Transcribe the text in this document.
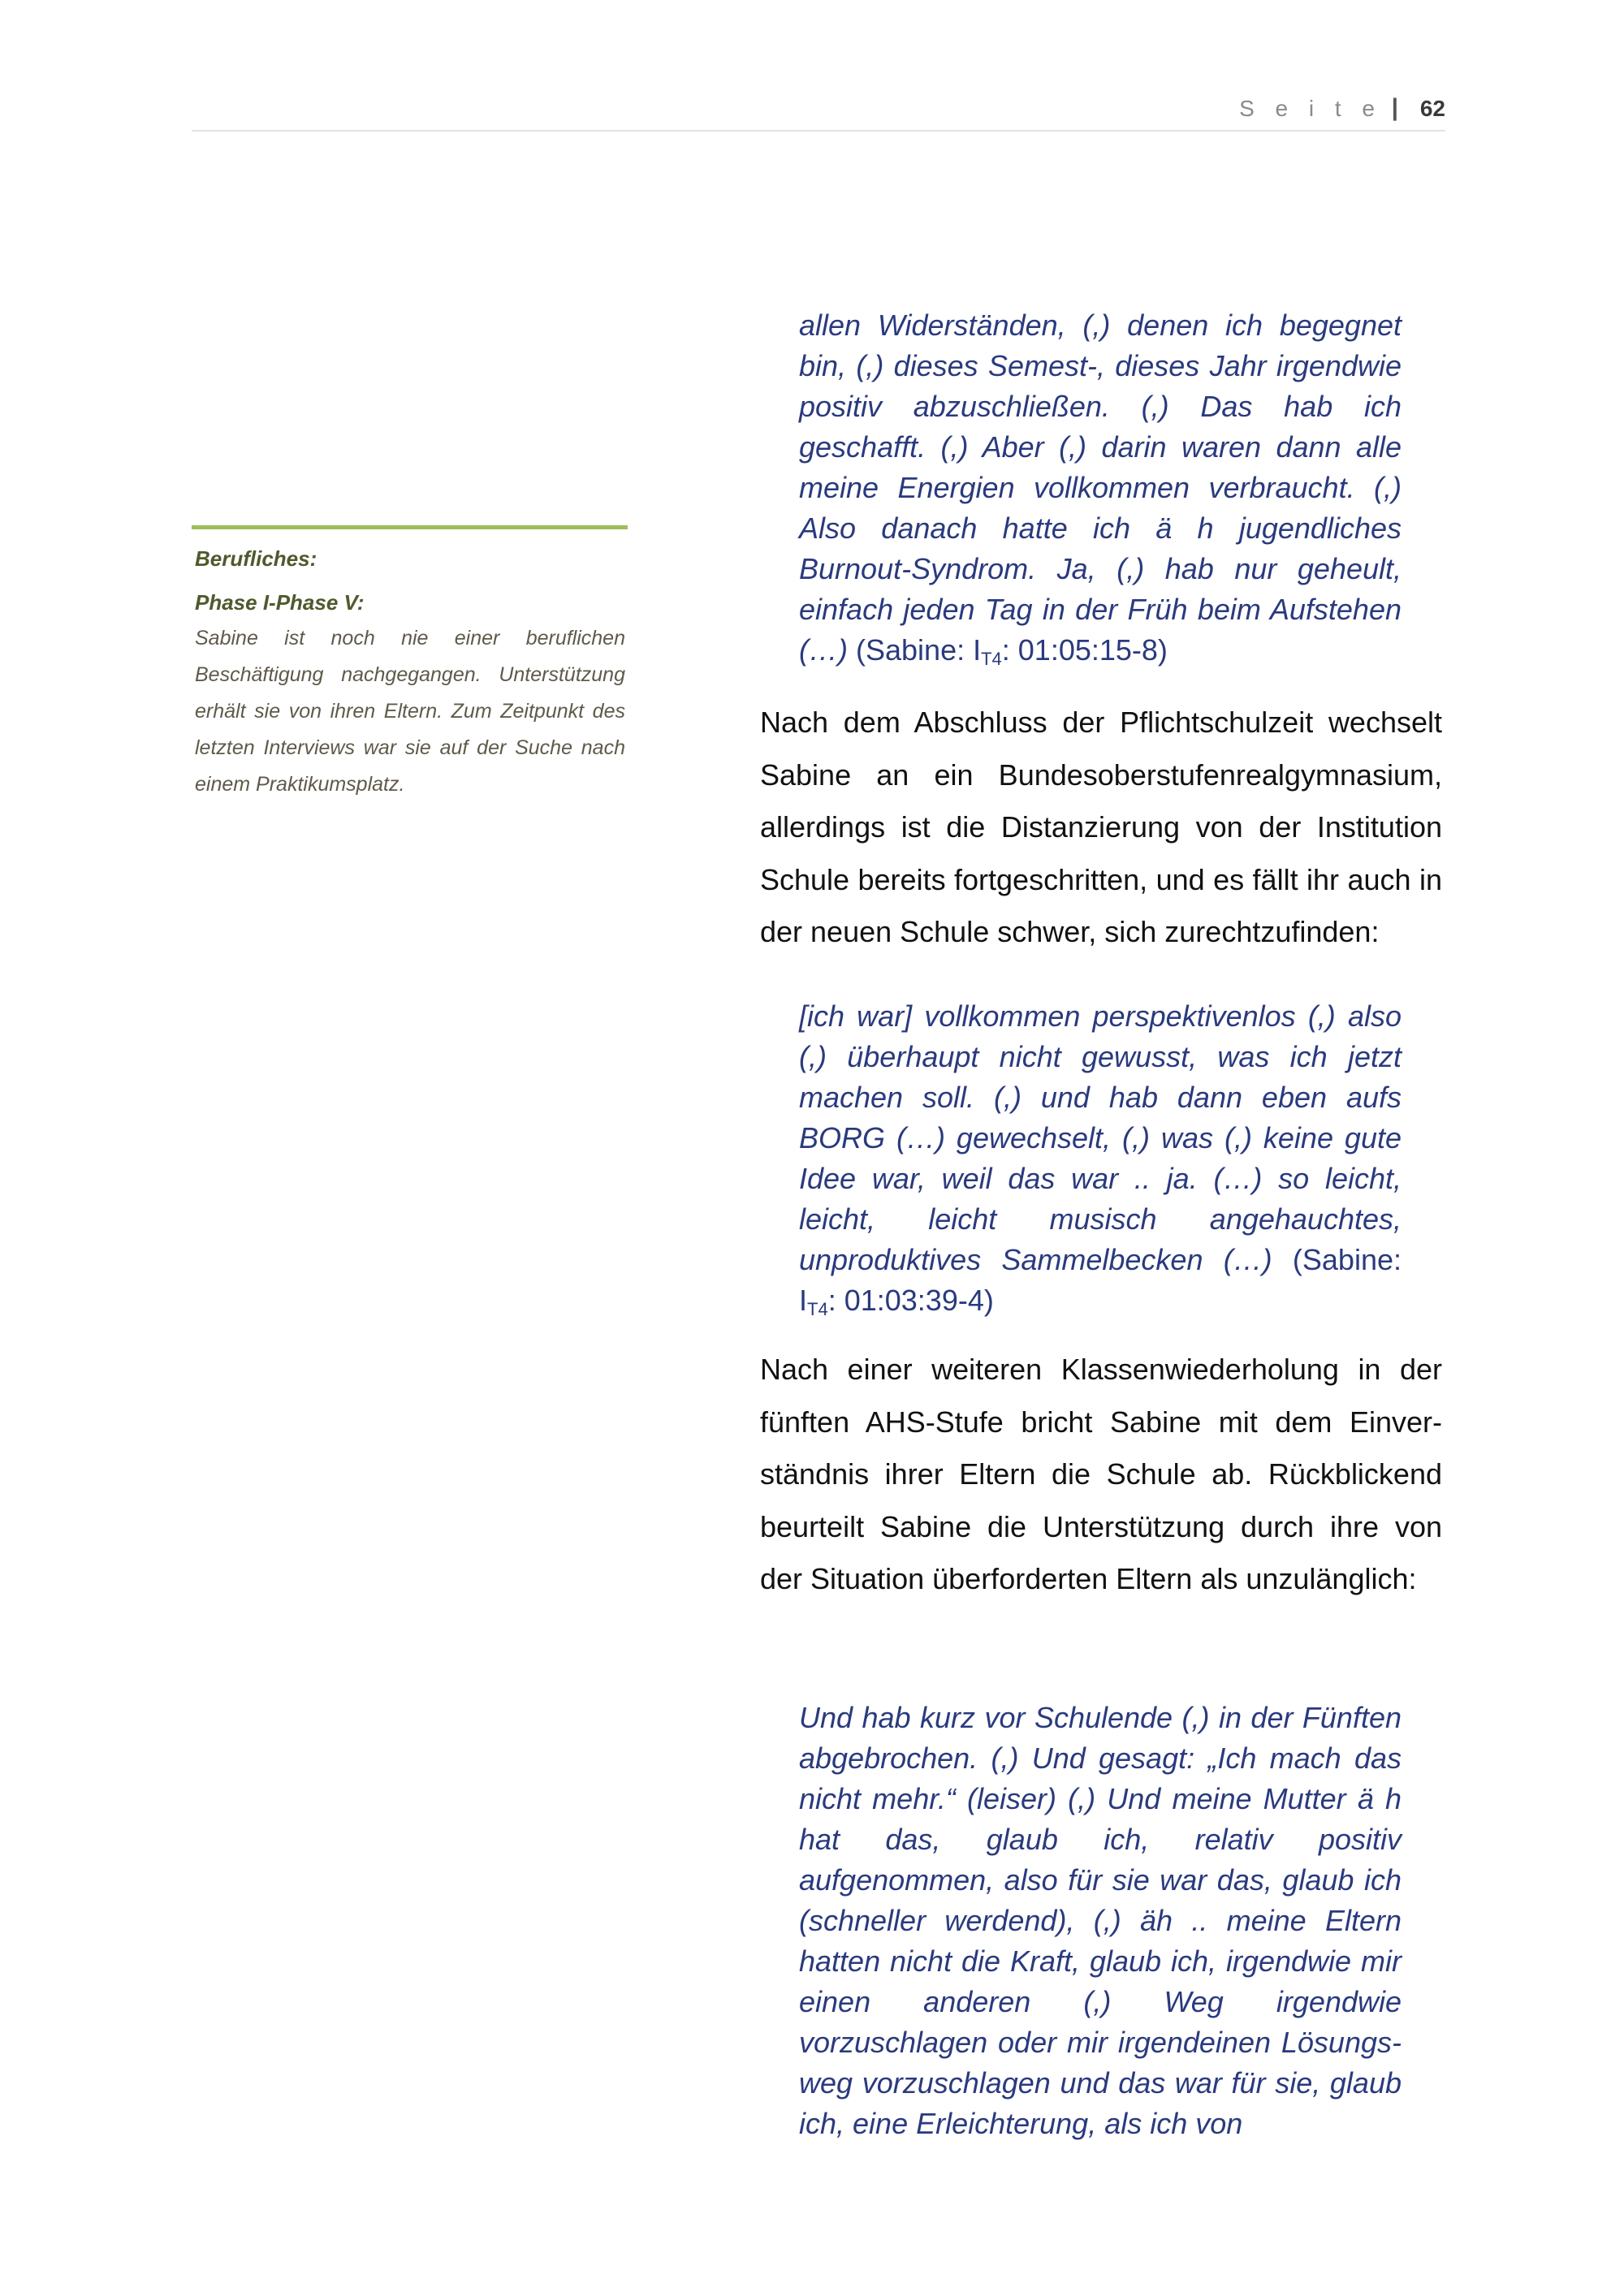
S e i t e | 62

Berufliches:

Phase I-Phase V:

Sabine ist noch nie einer beruflichen Beschäftigung nachgegangen. Unterstützung erhält sie von ihren Eltern. Zum Zeitpunkt des letzten Interviews war sie auf der Suche nach einem Praktikumsplatz.

allen Widerständen, (,) denen ich begegnet bin, (,) dieses Semest-, dieses Jahr irgendwie positiv abzuschließen. (,) Das hab ich geschafft. (,) Aber (,) darin waren dann alle meine Energien vollkommen verbraucht. (,) Also danach hatte ich ä h jugendliches Burnout-Syndrom. Ja, (,) hab nur geheult, einfach jeden Tag in der Früh beim Aufstehen (…) (Sabine: $I_{T4}$: 01:05:15-8)

Nach dem Abschluss der Pflichtschulzeit wechselt Sabine an ein Bundesoberstufenrealgymnasium, allerdings ist die Distanzierung von der Institution Schule bereits fortgeschritten, und es fällt ihr auch in der neuen Schule schwer, sich zurechtzufinden:

[ich war] vollkommen perspektivenlos (,) also (,) überhaupt nicht gewusst, was ich jetzt machen soll. (,) und hab dann eben aufs BORG (…) gewechselt, (,) was (,) keine gute Idee war, weil das war .. ja. (…) so leicht, leicht, leicht musisch angehauchtes, unproduktives Sammelbecken (…) (Sabine: $I_{T4}$: 01:03:39-4)

Nach einer weiteren Klassenwiederholung in der fünften AHS-Stufe bricht Sabine mit dem Einverständnis ihrer Eltern die Schule ab. Rückblickend beurteilt Sabine die Unterstützung durch ihre von der Situation überforderten Eltern als unzulänglich:

Und hab kurz vor Schulende (,) in der Fünften abgebrochen. (,) Und gesagt: „Ich mach das nicht mehr.“ (leiser) (,) Und meine Mutter ä h hat das, glaub ich, relativ positiv aufgenommen, also für sie war das, glaub ich (schneller werdend), (,) äh .. meine Eltern hatten nicht die Kraft, glaub ich, irgendwie mir einen anderen (,) Weg irgendwie vorzuschlagen oder mir irgendeinen Lösungsweg vorzuschlagen und das war für sie, glaub ich, eine Erleichterung, als ich von
